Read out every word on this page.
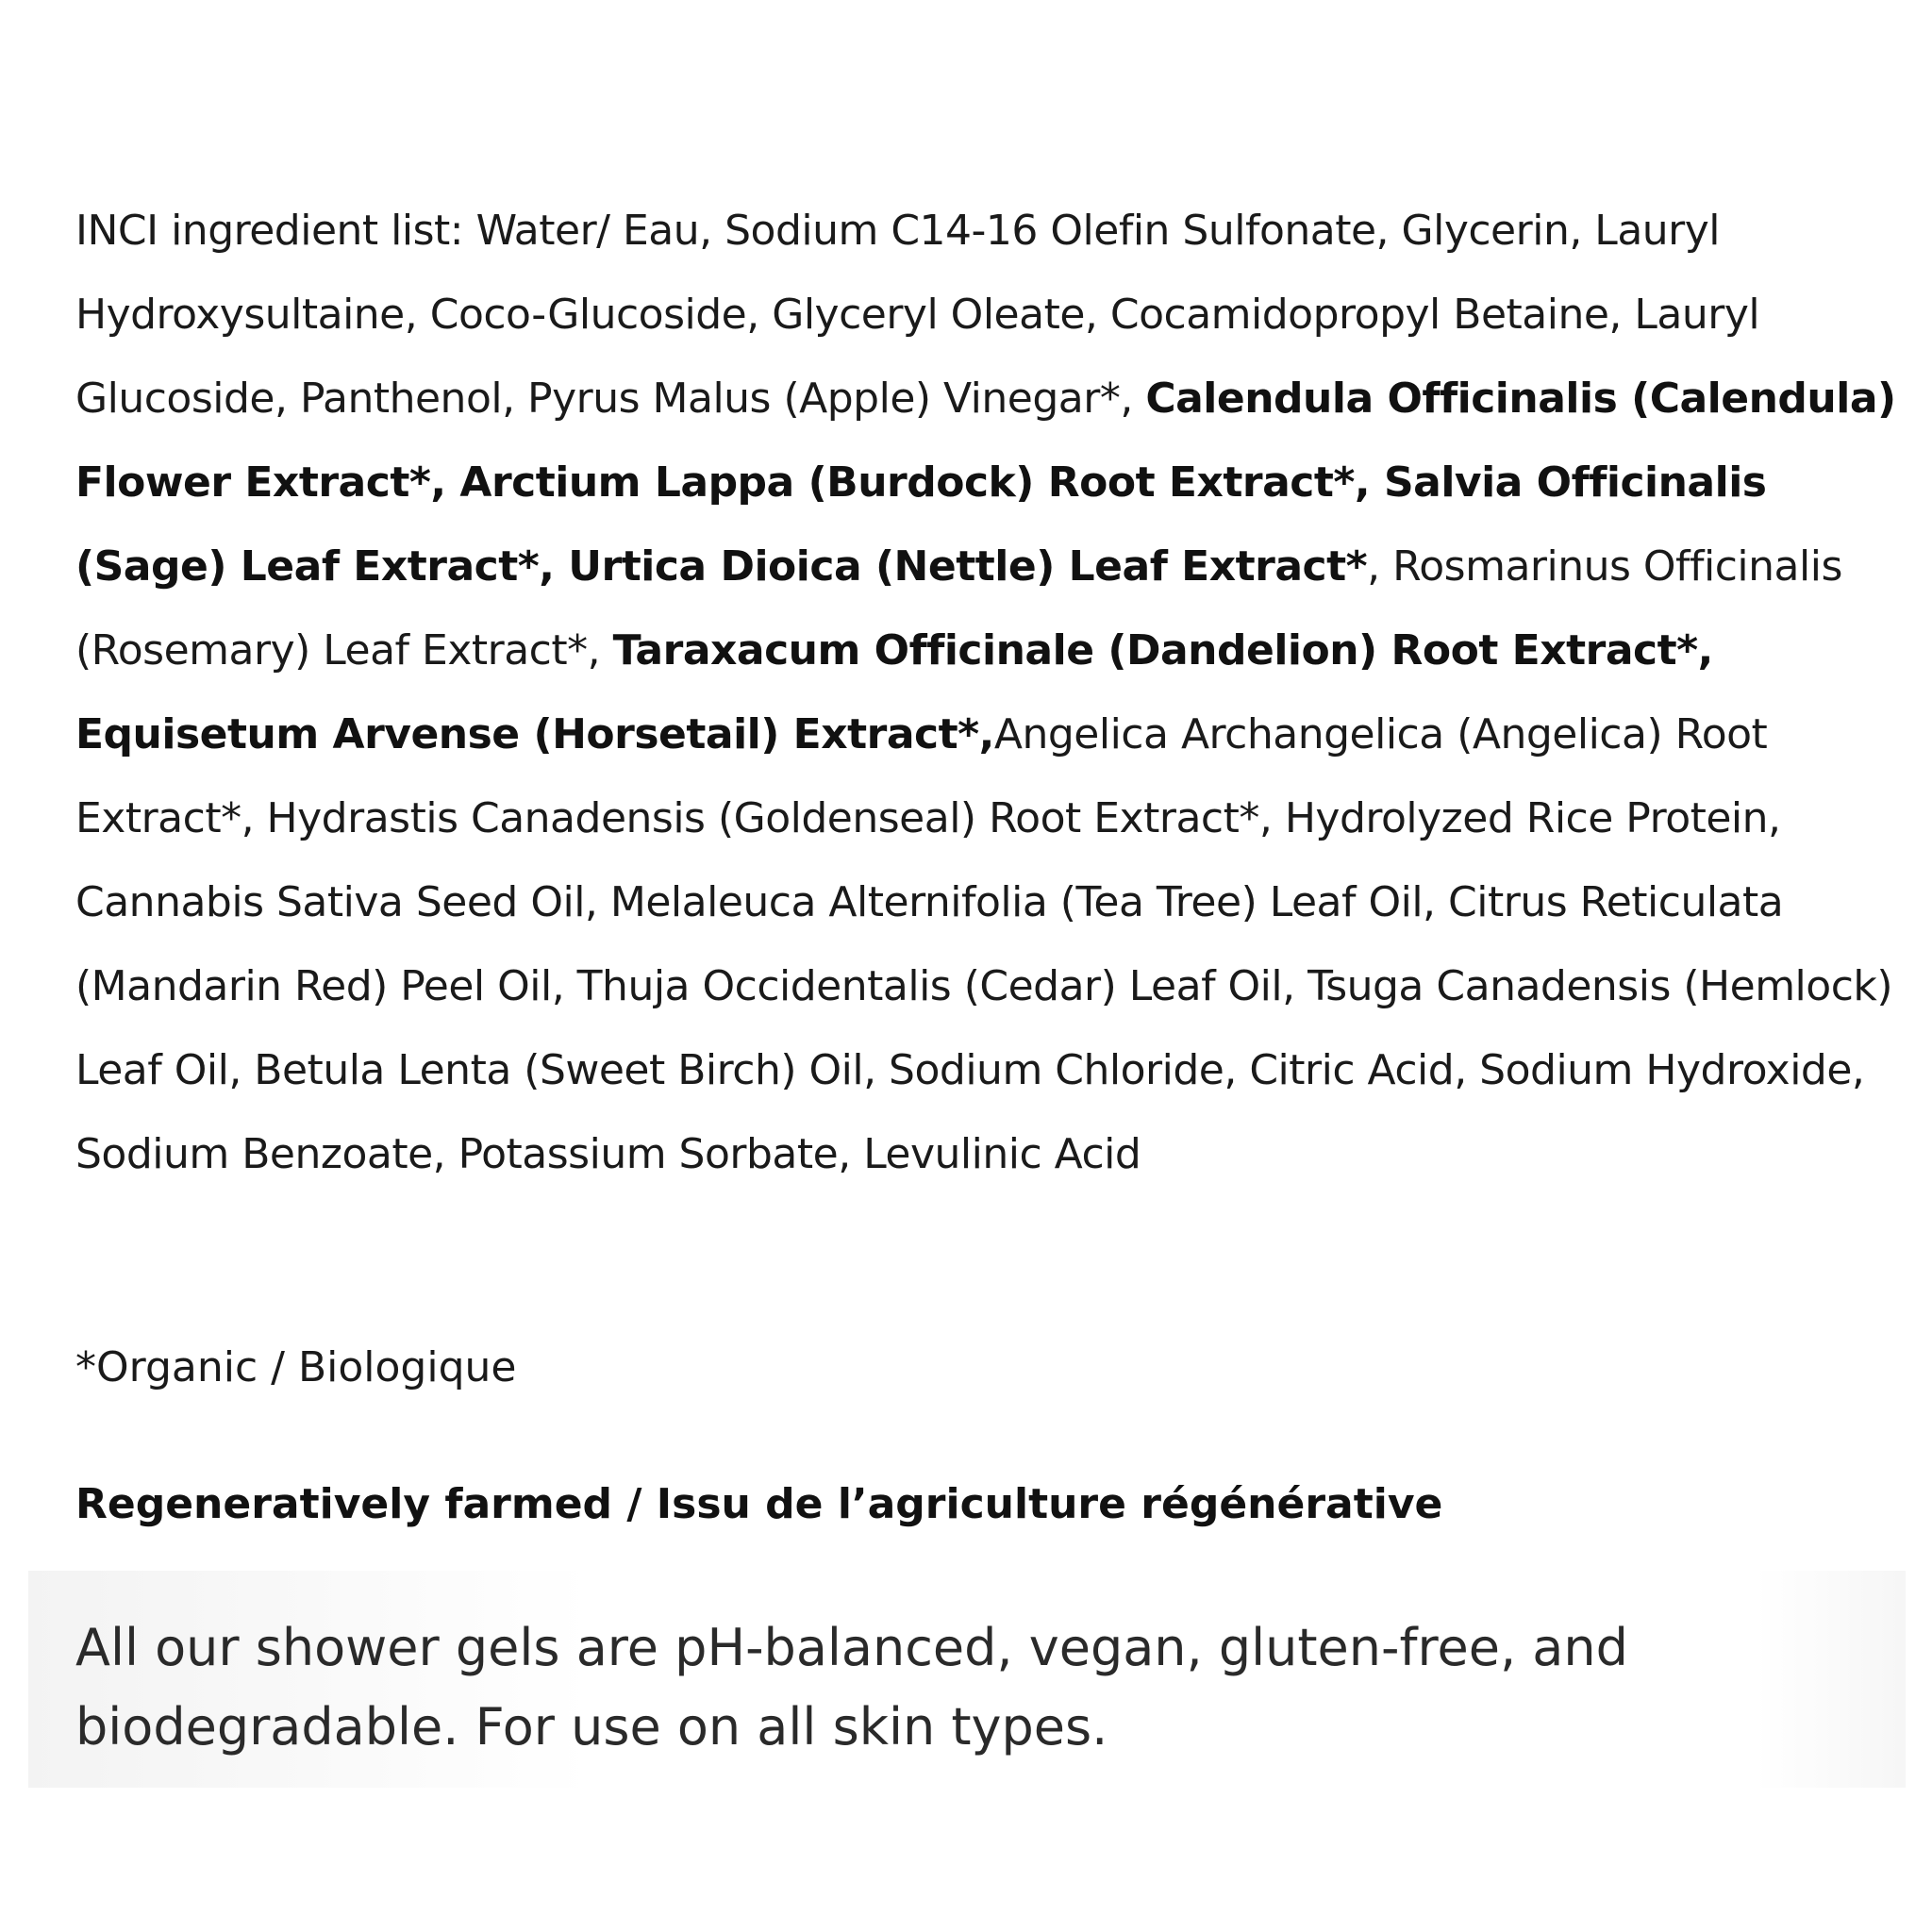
INCI ingredient list: Water/ Eau, Sodium C14-16 Olefin Sulfonate, Glycerin, Lauryl Hydroxysultaine, Coco-Glucoside, Glyceryl Oleate, Cocamidopropyl Betaine, Lauryl Glucoside, Panthenol, Pyrus Malus (Apple) Vinegar*, Calendula Officinalis (Calendula) Flower Extract*, Arctium Lappa (Burdock) Root Extract*, Salvia Officinalis (Sage) Leaf Extract*, Urtica Dioica (Nettle) Leaf Extract*, Rosmarinus Officinalis (Rosemary) Leaf Extract*, Taraxacum Officinale (Dandelion) Root Extract*, Equisetum Arvense (Horsetail) Extract*,Angelica Archangelica (Angelica) Root Extract*, Hydrastis Canadensis (Goldenseal) Root Extract*, Hydrolyzed Rice Protein, Cannabis Sativa Seed Oil, Melaleuca Alternifolia (Tea Tree) Leaf Oil, Citrus Reticulata (Mandarin Red) Peel Oil, Thuja Occidentalis (Cedar) Leaf Oil, Tsuga Canadensis (Hemlock) Leaf Oil, Betula Lenta (Sweet Birch) Oil, Sodium Chloride, Citric Acid, Sodium Hydroxide, Sodium Benzoate, Potassium Sorbate, Levulinic Acid

*Organic / Biologique

Regeneratively farmed / Issu de l’agriculture régénérative

All our shower gels are pH-balanced, vegan, gluten-free, and biodegradable. For use on all skin types.
